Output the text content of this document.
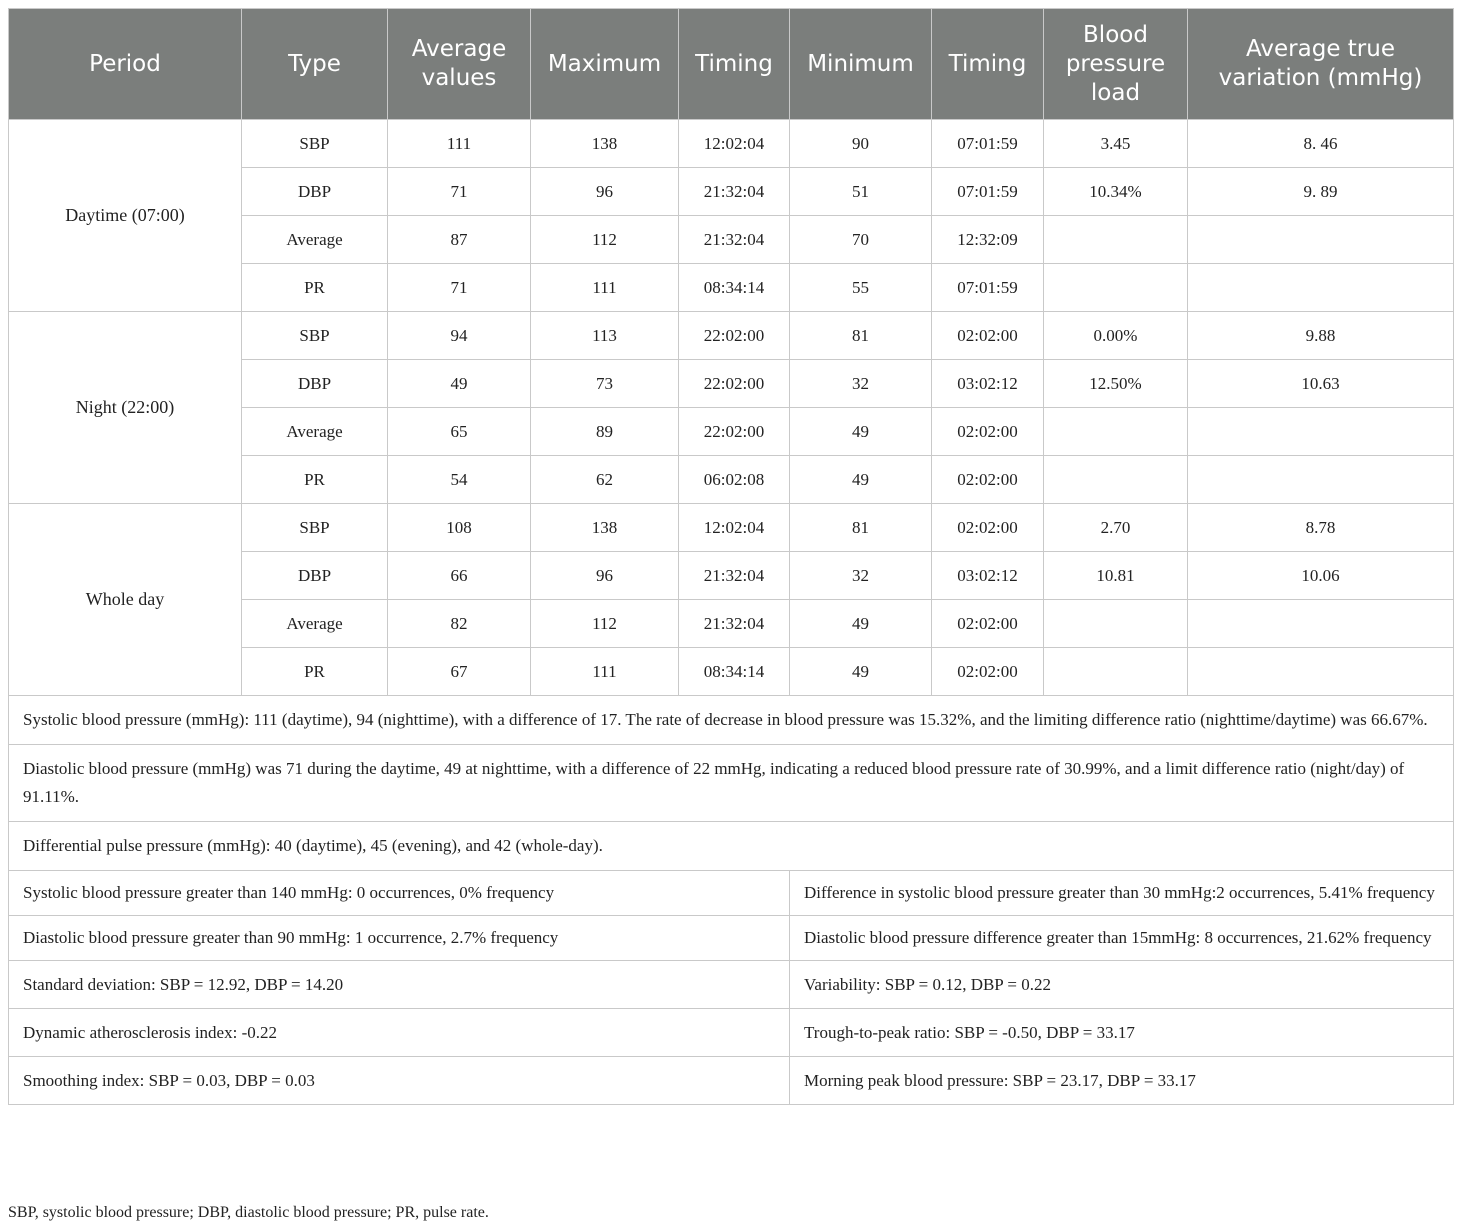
Period	Type	Average values	Maximum	Timing	Minimum	Timing	Blood pressure load	Average true variation (mmHg)
Daytime (07:00)	SBP	111	138	12:02:04	90	07:01:59	3.45	8. 46
	DBP	71	96	21:32:04	51	07:01:59	10.34%	9. 89
	Average	87	112	21:32:04	70	12:32:09		
	PR	71	111	08:34:14	55	07:01:59		
Night (22:00)	SBP	94	113	22:02:00	81	02:02:00	0.00%	9.88
	DBP	49	73	22:02:00	32	03:02:12	12.50%	10.63
	Average	65	89	22:02:00	49	02:02:00		
	PR	54	62	06:02:08	49	02:02:00		
Whole day	SBP	108	138	12:02:04	81	02:02:00	2.70	8.78
	DBP	66	96	21:32:04	32	03:02:12	10.81	10.06
	Average	82	112	21:32:04	49	02:02:00		
	PR	67	111	08:34:14	49	02:02:00		
Systolic blood pressure (mmHg): 111 (daytime), 94 (nighttime), with a difference of 17. The rate of decrease in blood pressure was 15.32%, and the limiting difference ratio (nighttime/daytime) was 66.67%.								
Diastolic blood pressure (mmHg) was 71 during the daytime, 49 at nighttime, with a difference of 22 mmHg, indicating a reduced blood pressure rate of 30.99%, and a limit difference ratio (night/day) of 91.11%.								
Differential pulse pressure (mmHg): 40 (daytime), 45 (evening), and 42 (whole-day).								
Systolic blood pressure greater than 140 mmHg: 0 occurrences, 0% frequency					Difference in systolic blood pressure greater than 30 mmHg:2 occurrences, 5.41% frequency			
Diastolic blood pressure greater than 90 mmHg: 1 occurrence, 2.7% frequency					Diastolic blood pressure difference greater than 15mmHg: 8 occurrences, 21.62% frequency			
Standard deviation: SBP = 12.92, DBP = 14.20					Variability: SBP = 0.12, DBP = 0.22			
Dynamic atherosclerosis index: -0.22					Trough-to-peak ratio: SBP = -0.50, DBP = 33.17			
Smoothing index: SBP = 0.03, DBP = 0.03					Morning peak blood pressure: SBP = 23.17, DBP = 33.17			
SBP, systolic blood pressure; DBP, diastolic blood pressure; PR, pulse rate.
